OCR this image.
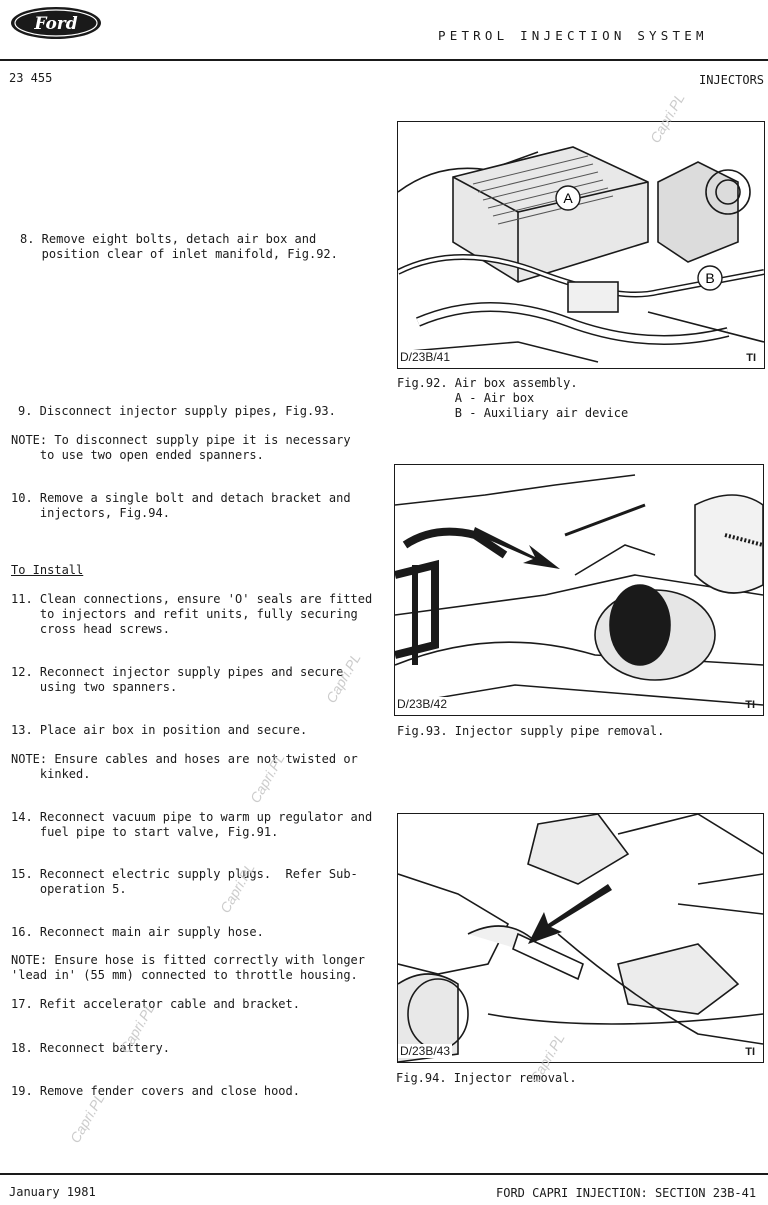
Ford
PETROL INJECTION SYSTEM
23 455	INJECTORS
8. Remove eight bolts, detach air box and
position clear of inlet manifold, Fig.92.
9. Disconnect injector supply pipes, Fig.93.
NOTE: To disconnect supply pipe it is necessary
to use two open ended spanners.
10. Remove a single bolt and detach bracket and
injectors, Fig.94.
To Install
11. Clean connections, ensure 'O' seals are fitted
to injectors and refit units, fully securing
cross head screws.
12. Reconnect injector supply pipes and secure
using two spanners.
13. Place air box in position and secure.
NOTE: Ensure cables and hoses are not twisted or
kinked.
14. Reconnect vacuum pipe to warm up regulator and
fuel pipe to start valve, Fig.91.
15. Reconnect electric supply plugs.  Refer Sub-
operation 5.
16. Reconnect main air supply hose.
NOTE: Ensure hose is fitted correctly with longer
'lead in' (55 mm) connected to throttle housing.
17. Refit accelerator cable and bracket.
18. Reconnect battery.
19. Remove fender covers and close hood.
A
B
D/23B/41	TI
Fig.92. Air box assembly.
A - Air box
B - Auxiliary air device
D/23B/42	TI
Fig.93. Injector supply pipe removal.
D/23B/43	TI
Fig.94. Injector removal.
Capri.PL
Capri.PL
Capri.PL
Capri.PL
Capri.PL
Capri.PL
Capri.PL
January 1981	FORD CAPRI INJECTION: SECTION 23B-41
